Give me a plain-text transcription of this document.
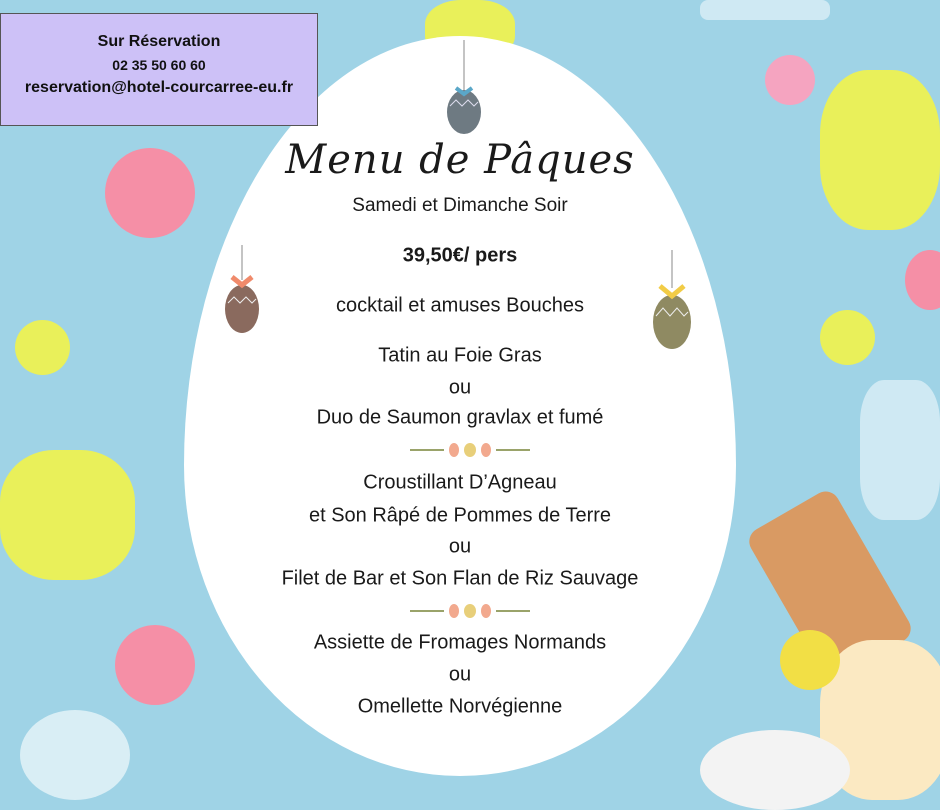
Sur Réservation
02 35 50 60 60
reservation@hotel-courcarree-eu.fr
Menu de Pâques
Samedi et Dimanche Soir
39,50€/ pers
cocktail et amuses Bouches
Tatin au Foie Gras
ou
Duo de Saumon gravlax et fumé
Croustillant D’Agneau
et Son Râpé de Pommes de Terre
ou
Filet de Bar et Son Flan de Riz Sauvage
Assiette de Fromages Normands
ou
Omellette Norvégienne
